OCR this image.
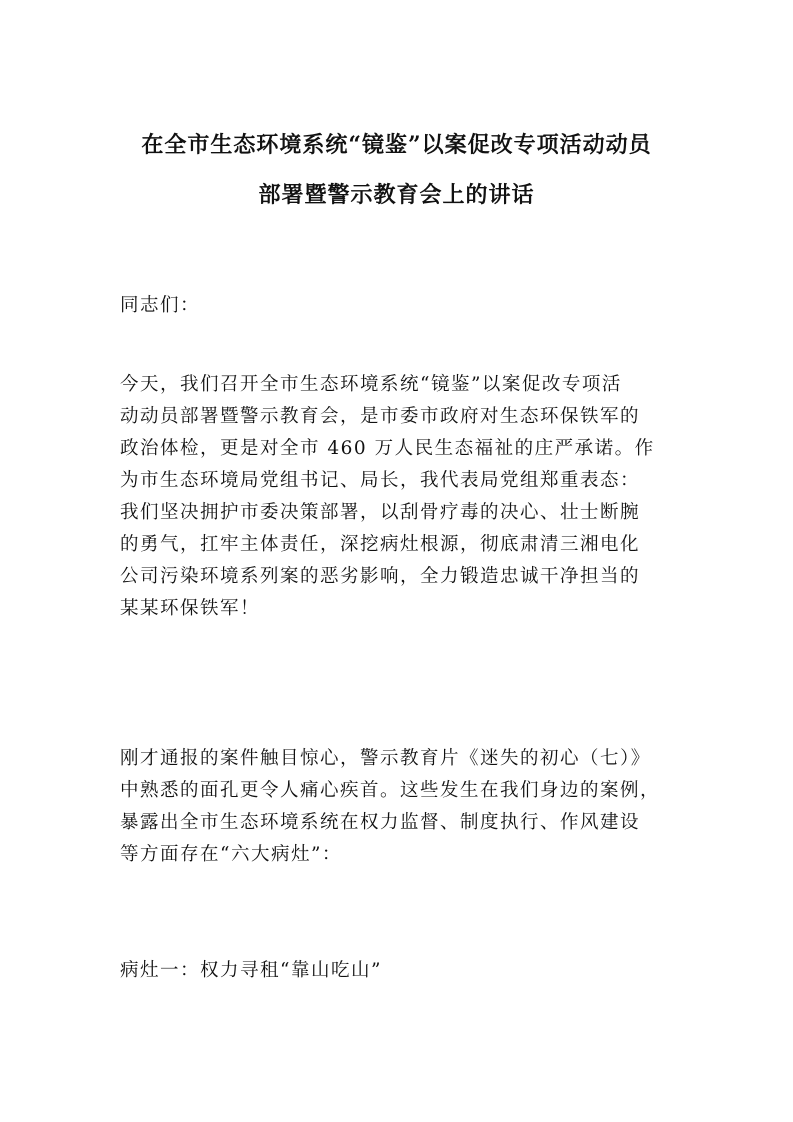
在全市生态环境系统“镜鉴”以案促改专项活动动员
部署暨警示教育会上的讲话
同志们：
今天，我们召开全市生态环境系统“镜鉴”以案促改专项活
动动员部署暨警示教育会，是市委市政府对生态环保铁军的
政治体检，更是对全市 460 万人民生态福祉的庄严承诺。作
为市生态环境局党组书记、局长，我代表局党组郑重表态：
我们坚决拥护市委决策部署，以刮骨疗毒的决心、壮士断腕
的勇气，扛牢主体责任，深挖病灶根源，彻底肃清三湘电化
公司污染环境系列案的恶劣影响，全力锻造忠诚干净担当的
某某环保铁军！
刚才通报的案件触目惊心，警示教育片《迷失的初心（七）》
中熟悉的面孔更令人痛心疾首。这些发生在我们身边的案例，
暴露出全市生态环境系统在权力监督、制度执行、作风建设
等方面存在“六大病灶”：
病灶一：权力寻租“靠山吃山”
